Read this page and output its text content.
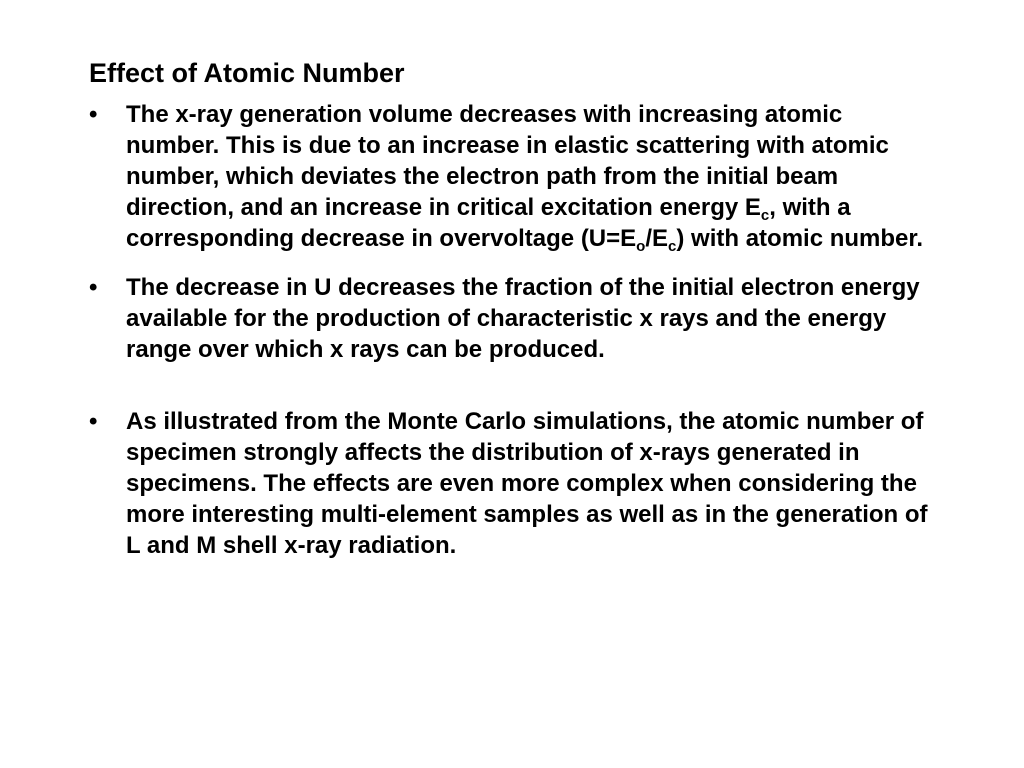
Effect of Atomic Number
• The x-ray generation volume decreases with increasing atomic number. This is due to an increase in elastic scattering with atomic number, which deviates the electron path from the initial beam direction, and an increase in critical excitation energy $E_c$, with a corresponding decrease in overvoltage $(U=E_o/E_c)$ with atomic number.
• The decrease in U decreases the fraction of the initial electron energy available for the production of characteristic x rays and the energy range over which x rays can be produced.
• As illustrated from the Monte Carlo simulations, the atomic number of specimen strongly affects the distribution of x-rays generated in specimens. The effects are even more complex when considering the more interesting multi-element samples as well as in the generation of L and M shell x-ray radiation.
